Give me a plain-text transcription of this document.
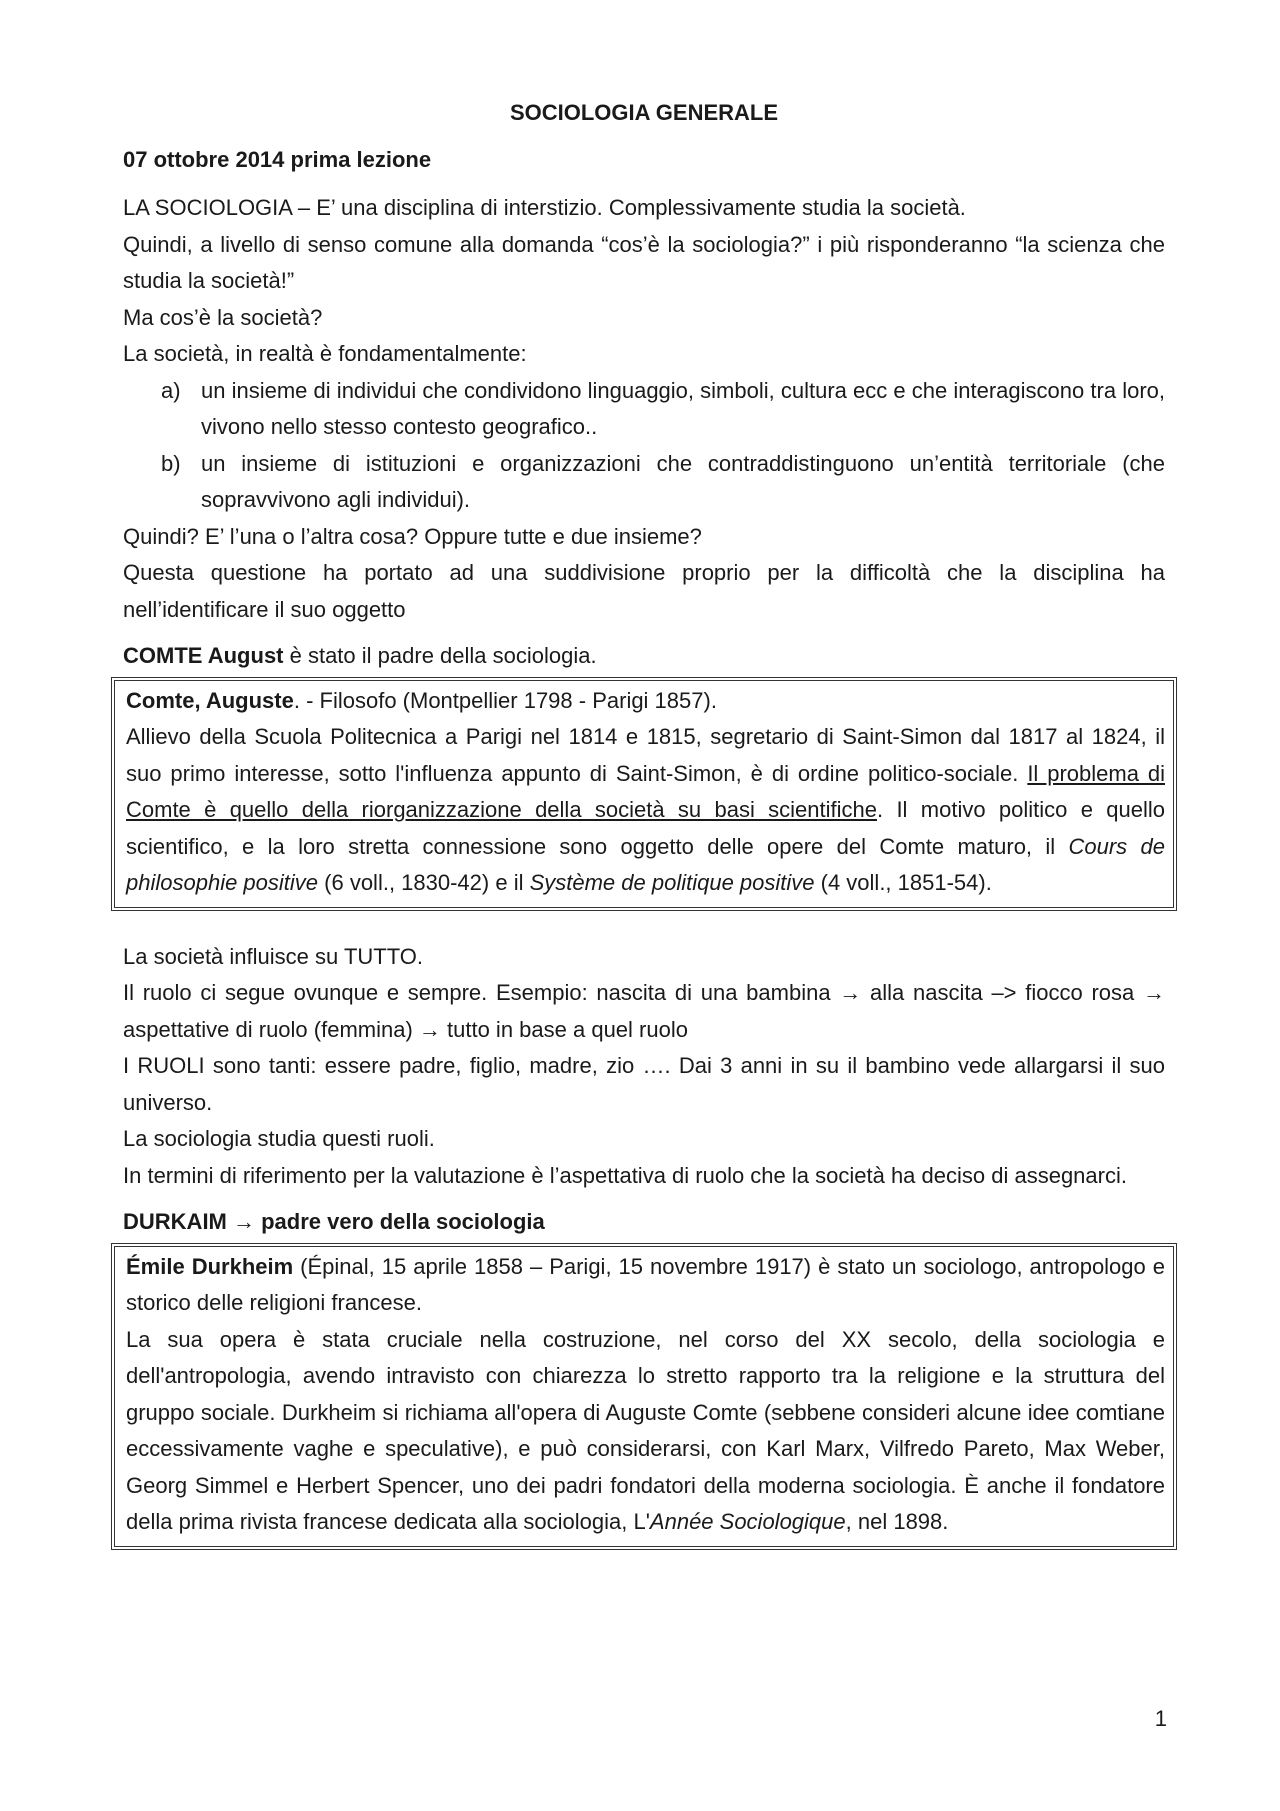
SOCIOLOGIA GENERALE
07 ottobre 2014 prima lezione

LA SOCIOLOGIA – E’ una disciplina di interstizio. Complessivamente studia la società.

Quindi, a livello di senso comune alla domanda “cos’è la sociologia?” i più risponderanno “la scienza che studia la società!”

Ma cos’è la società?

La società, in realtà è fondamentalmente:

a) un insieme di individui che condividono linguaggio, simboli, cultura ecc e che interagiscono tra loro, vivono nello stesso contesto geografico..
b) un insieme di istituzioni e organizzazioni che contraddistinguono un’entità territoriale (che sopravvivono agli individui).

Quindi? E’ l’una o l’altra cosa? Oppure tutte e due insieme?

Questa questione ha portato ad una suddivisione proprio per la difficoltà che la disciplina ha nell’identificare il suo oggetto

COMTE August è stato il padre della sociologia.

Comte, Auguste. - Filosofo (Montpellier 1798 - Parigi 1857).
Allievo della Scuola Politecnica a Parigi nel 1814 e 1815, segretario di Saint-Simon dal 1817 al 1824, il suo primo interesse, sotto l'influenza appunto di Saint-Simon, è di ordine politico-sociale. Il problema di Comte è quello della riorganizzazione della società su basi scientifiche. Il motivo politico e quello scientifico, e la loro stretta connessione sono oggetto delle opere del Comte maturo, il Cours de philosophie positive (6 voll., 1830-42) e il Système de politique positive (4 voll., 1851-54).

La società influisce su TUTTO.

Il ruolo ci segue ovunque e sempre. Esempio: nascita di una bambina → alla nascita –> fiocco rosa → aspettative di ruolo (femmina) → tutto in base a quel ruolo

I RUOLI sono tanti: essere padre, figlio, madre, zio …. Dai 3 anni in su il bambino vede allargarsi il suo universo.

La sociologia studia questi ruoli.

In termini di riferimento per la valutazione è l’aspettativa di ruolo che la società ha deciso di assegnarci.

DURKAIM → padre vero della sociologia

Émile Durkheim (Épinal, 15 aprile 1858 – Parigi, 15 novembre 1917) è stato un sociologo, antropologo e storico delle religioni francese.
La sua opera è stata cruciale nella costruzione, nel corso del XX secolo, della sociologia e dell'antropologia, avendo intravisto con chiarezza lo stretto rapporto tra la religione e la struttura del gruppo sociale. Durkheim si richiama all'opera di Auguste Comte (sebbene consideri alcune idee comtiane eccessivamente vaghe e speculative), e può considerarsi, con Karl Marx, Vilfredo Pareto, Max Weber, Georg Simmel e Herbert Spencer, uno dei padri fondatori della moderna sociologia. È anche il fondatore della prima rivista francese dedicata alla sociologia, L'Année Sociologique, nel 1898.
1
